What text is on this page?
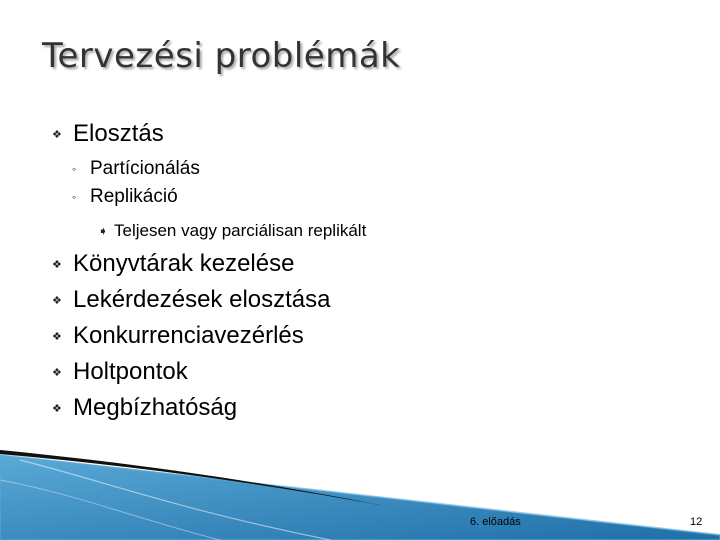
Tervezési problémák
❖ Elosztás
◦ Partícionálás
◦ Replikáció
➧ Teljesen vagy parciálisan replikált
❖ Könyvtárak kezelése
❖ Lekérdezések elosztása
❖ Konkurrenciavezérlés
❖ Holtpontok
❖ Megbízhatóság
6. előadás	12
